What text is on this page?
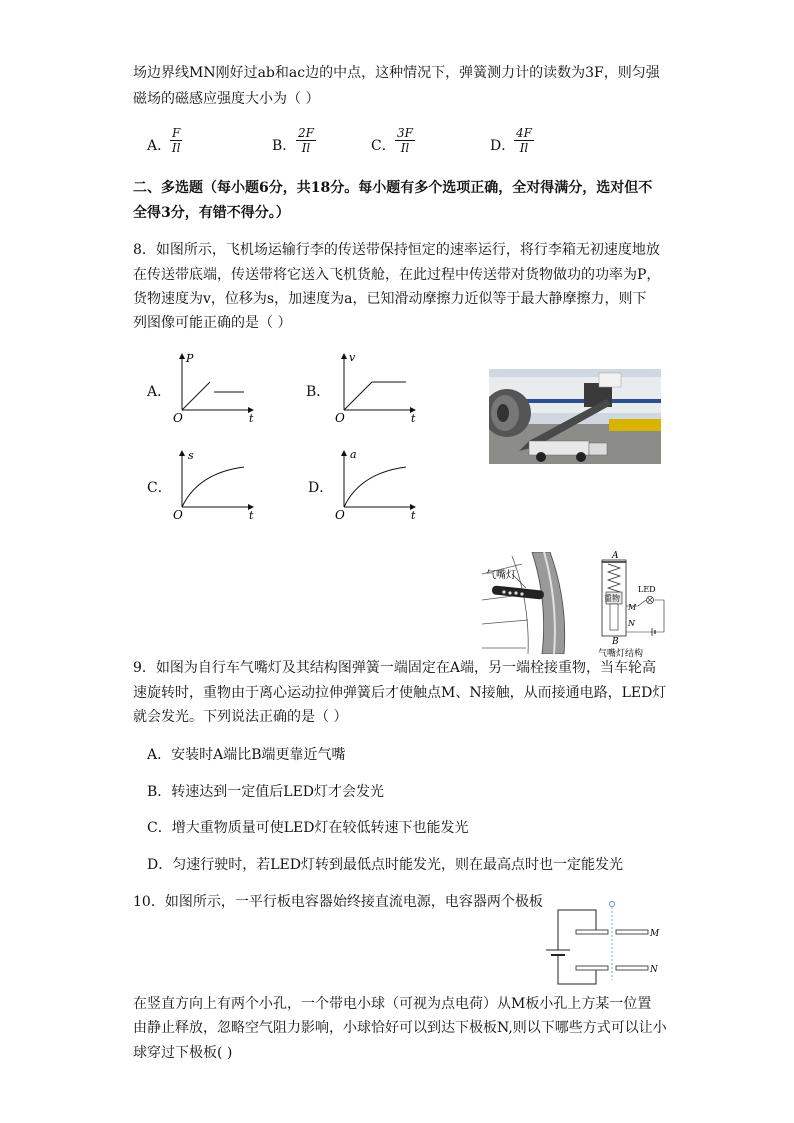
场边界线MN刚好过ab和ac边的中点，这种情况下，弹簧测力计的读数为3F，则匀强
磁场的磁感应强度大小为（ ）
A．
$\frac{F}{Il}$	B． $\frac{2F}{Il}$	C． $\frac{3F}{Il}$	D．
$\frac{4F}{Il}$
二、多选题（每小题6分，共18分。每小题有多个选项正确，全对得满分，选对但不
全得3分，有错不得分。）
8．如图所示，飞机场运输行李的传送带保持恒定的速率运行，将行李箱无初速度地放
在传送带底端，传送带将它送入飞机货舱，在此过程中传送带对货物做功的功率为P，
货物速度为v，位移为s，加速度为a，已知滑动摩擦力近似等于最大静摩擦力，则下
列图像可能正确的是（ ）
A．
P
t
O
B．
v
t
O
C．
s
t
O
D．
a
t
O
气嘴灯
A
重物
M
N
B
LED
气嘴灯结构
9．如图为自行车气嘴灯及其结构图弹簧一端固定在A端，另一端栓接重物，当车轮高
速旋转时，重物由于离心运动拉伸弹簧后才使触点M、N接触，从而接通电路，LED灯
就会发光。下列说法正确的是（ ）
A．安装时A端比B端更靠近气嘴
B．转速达到一定值后LED灯才会发光
C．增大重物质量可使LED灯在较低转速下也能发光
D．匀速行驶时，若LED灯转到最低点时能发光，则在最高点时也一定能发光
10．如图所示，一平行板电容器始终接直流电源，电容器两个极板
M
N
在竖直方向上有两个小孔，一个带电小球（可视为点电荷）从M板小孔上方某一位置
由静止释放，忽略空气阻力影响，小球恰好可以到达下极板N,则以下哪些方式可以让小
球穿过下极板( )
